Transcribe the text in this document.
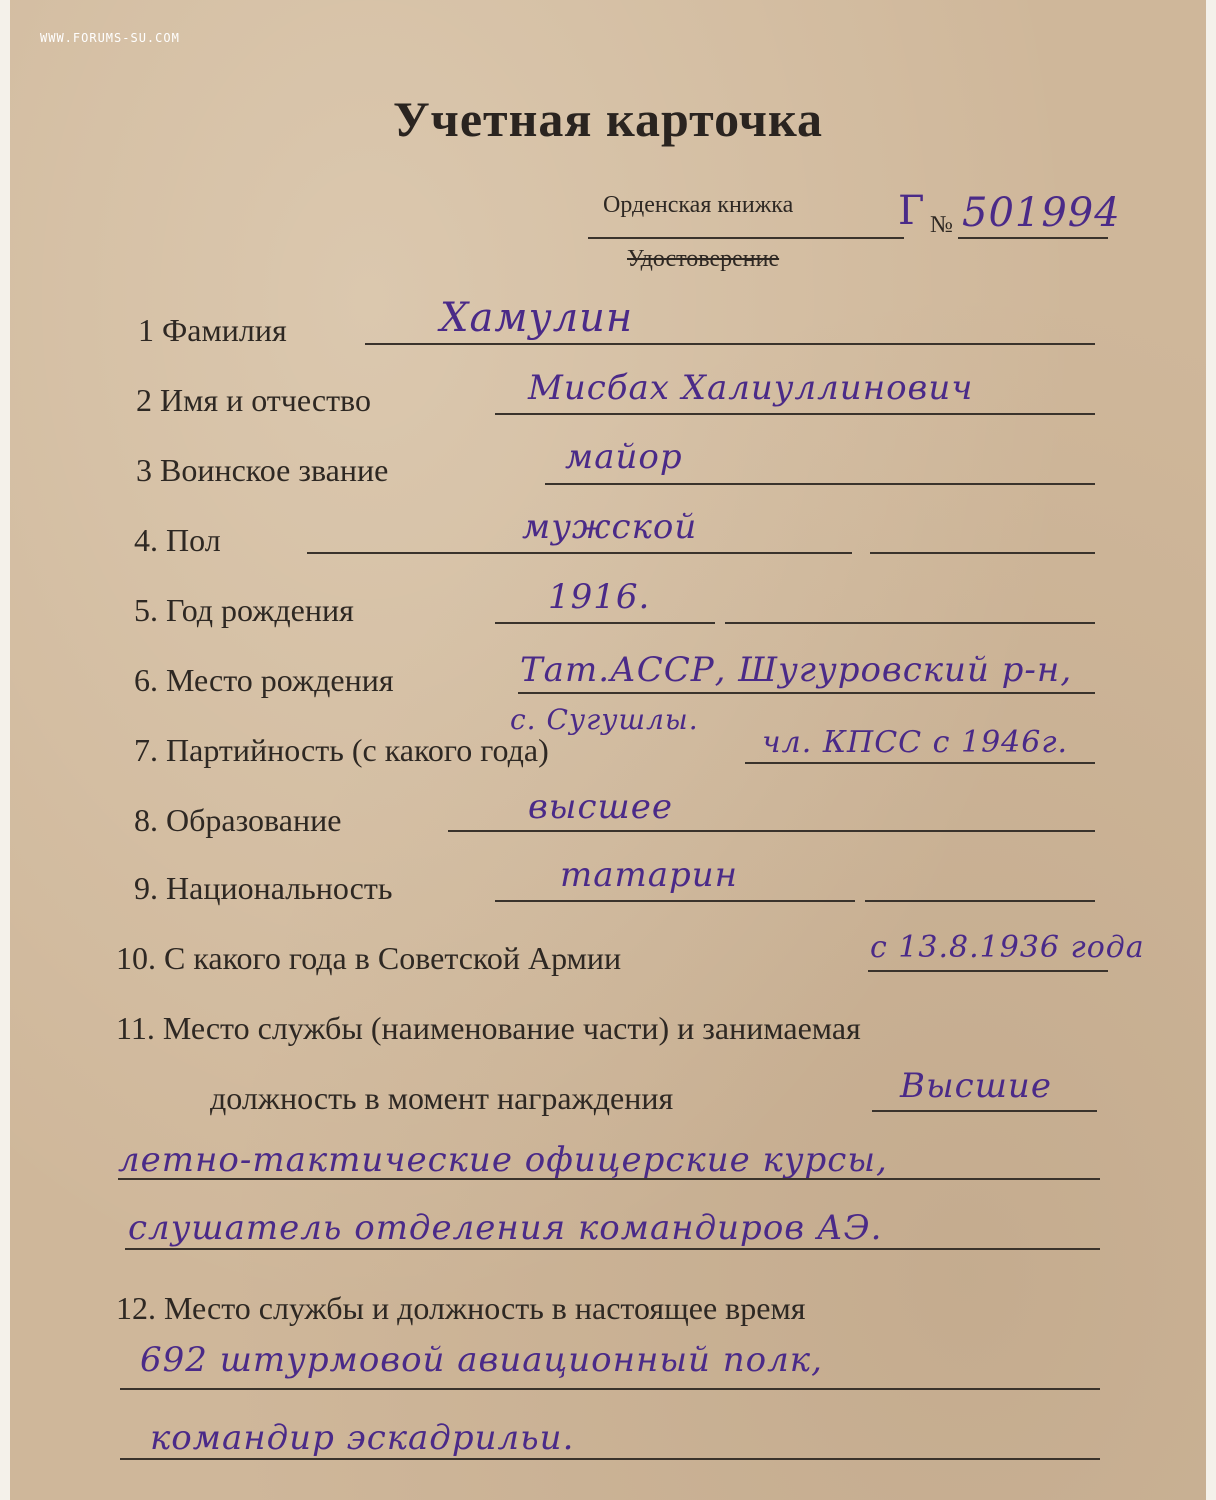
WWW.FORUMS-SU.COM
Учетная карточка
Орденская книжка	Г № 501994
Удостоверение
1 Фамилия	Хамулин
2 Имя и отчество	Мисбах Халиуллинович
3 Воинское звание	майор
4. Пол	мужской
5. Год рождения	1916.
6. Место рождения	Тат.АССР, Шугуровский р-н,
с. Сугушлы.
7. Партийность (с какого года)	чл. КПСС с 1946г.
8. Образование	высшее
9. Национальность	татарин
10. С какого года в Советской Армии	с 13.8.1936 года
11. Место службы (наименование части) и занимаемая
должность в момент награждения	Высшие
летно-тактические офицерские курсы,
слушатель отделения командиров АЭ.
12. Место службы и должность в настоящее время
692 штурмовой авиационный полк,
командир эскадрильи.
